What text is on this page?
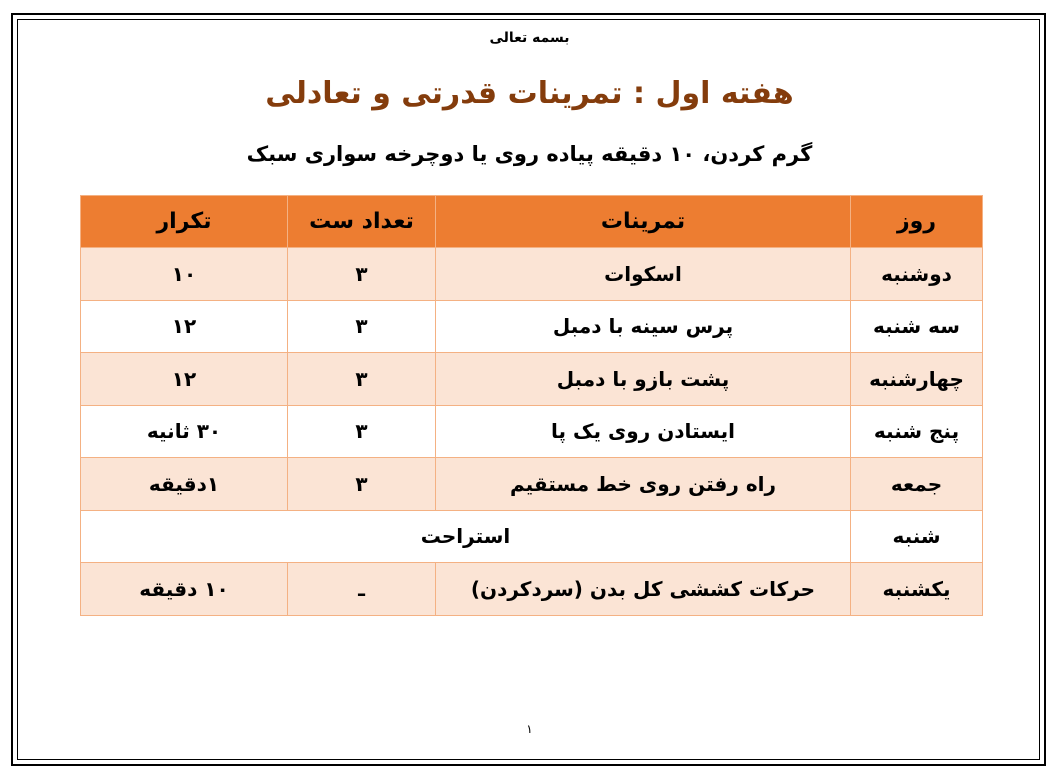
بسمه تعالی
هفته اول : تمرینات قدرتی و تعادلی
گرم کردن، ۱۰ دقیقه پیاده روی یا دوچرخه سواری سبک
روز	تمرینات	تعداد ست	تکرار
دوشنبه	اسکوات	۳	۱۰
سه شنبه	پرس سینه با دمبل	۳	۱۲
چهارشنبه	پشت بازو با دمبل	۳	۱۲
پنج شنبه	ایستادن روی یک پا	۳	۳۰ ثانیه
جمعه	راه رفتن روی خط مستقیم	۳	۱دقیقه
شنبه	استراحت		
یکشنبه	حرکات کششی کل بدن (سردکردن)	ـ	۱۰ دقیقه
۱
